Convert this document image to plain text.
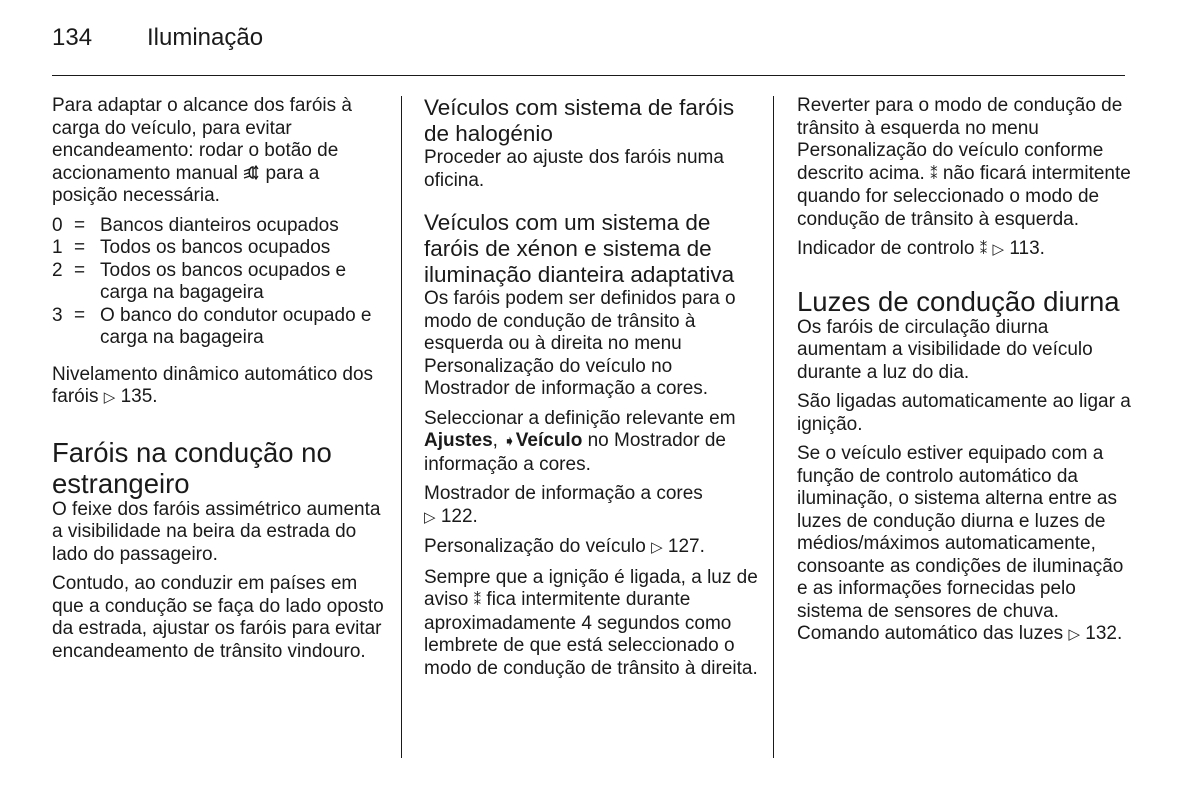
134 Iluminação

Para adaptar o alcance dos faróis à carga do veículo, para evitar encandeamento: rodar o botão de accionamento manual para a posição necessária.

0 = Bancos dianteiros ocupados
1 = Todos os bancos ocupados
2 = Todos os bancos ocupados e carga na bagageira
3 = O banco do condutor ocupado e carga na bagageira

Nivelamento dinâmico automático dos faróis ▷ 135.

Faróis na condução no estrangeiro

O feixe dos faróis assimétrico aumenta a visibilidade na beira da estrada do lado do passageiro.

Contudo, ao conduzir em países em que a condução se faça do lado oposto da estrada, ajustar os faróis para evitar encandeamento de trânsito vindouro.

Veículos com sistema de faróis de halogénio

Proceder ao ajuste dos faróis numa oficina.

Veículos com um sistema de faróis de xénon e sistema de iluminação dianteira adaptativa

Os faróis podem ser definidos para o modo de condução de trânsito à esquerda ou à direita no menu Personalização do veículo no Mostrador de informação a cores.

Seleccionar a definição relevante em Ajustes, ➧Veículo no Mostrador de informação a cores.

Mostrador de informação a cores
▷ 122.

Personalização do veículo ▷ 127.

Sempre que a ignição é ligada, a luz de aviso ⁑ fica intermitente durante aproximadamente 4 segundos como lembrete de que está seleccionado o modo de condução de trânsito à direita.

Reverter para o modo de condução de trânsito à esquerda no menu Personalização do veículo conforme descrito acima. ⁑ não ficará intermitente quando for seleccionado o modo de condução de trânsito à esquerda.

Indicador de controlo ⁑ ▷ 113.

Luzes de condução diurna

Os faróis de circulação diurna aumentam a visibilidade do veículo durante a luz do dia.

São ligadas automaticamente ao ligar a ignição.

Se o veículo estiver equipado com a função de controlo automático da iluminação, o sistema alterna entre as luzes de condução diurna e luzes de médios/máximos automaticamente, consoante as condições de iluminação e as informações fornecidas pelo sistema de sensores de chuva. Comando automático das luzes ▷ 132.
